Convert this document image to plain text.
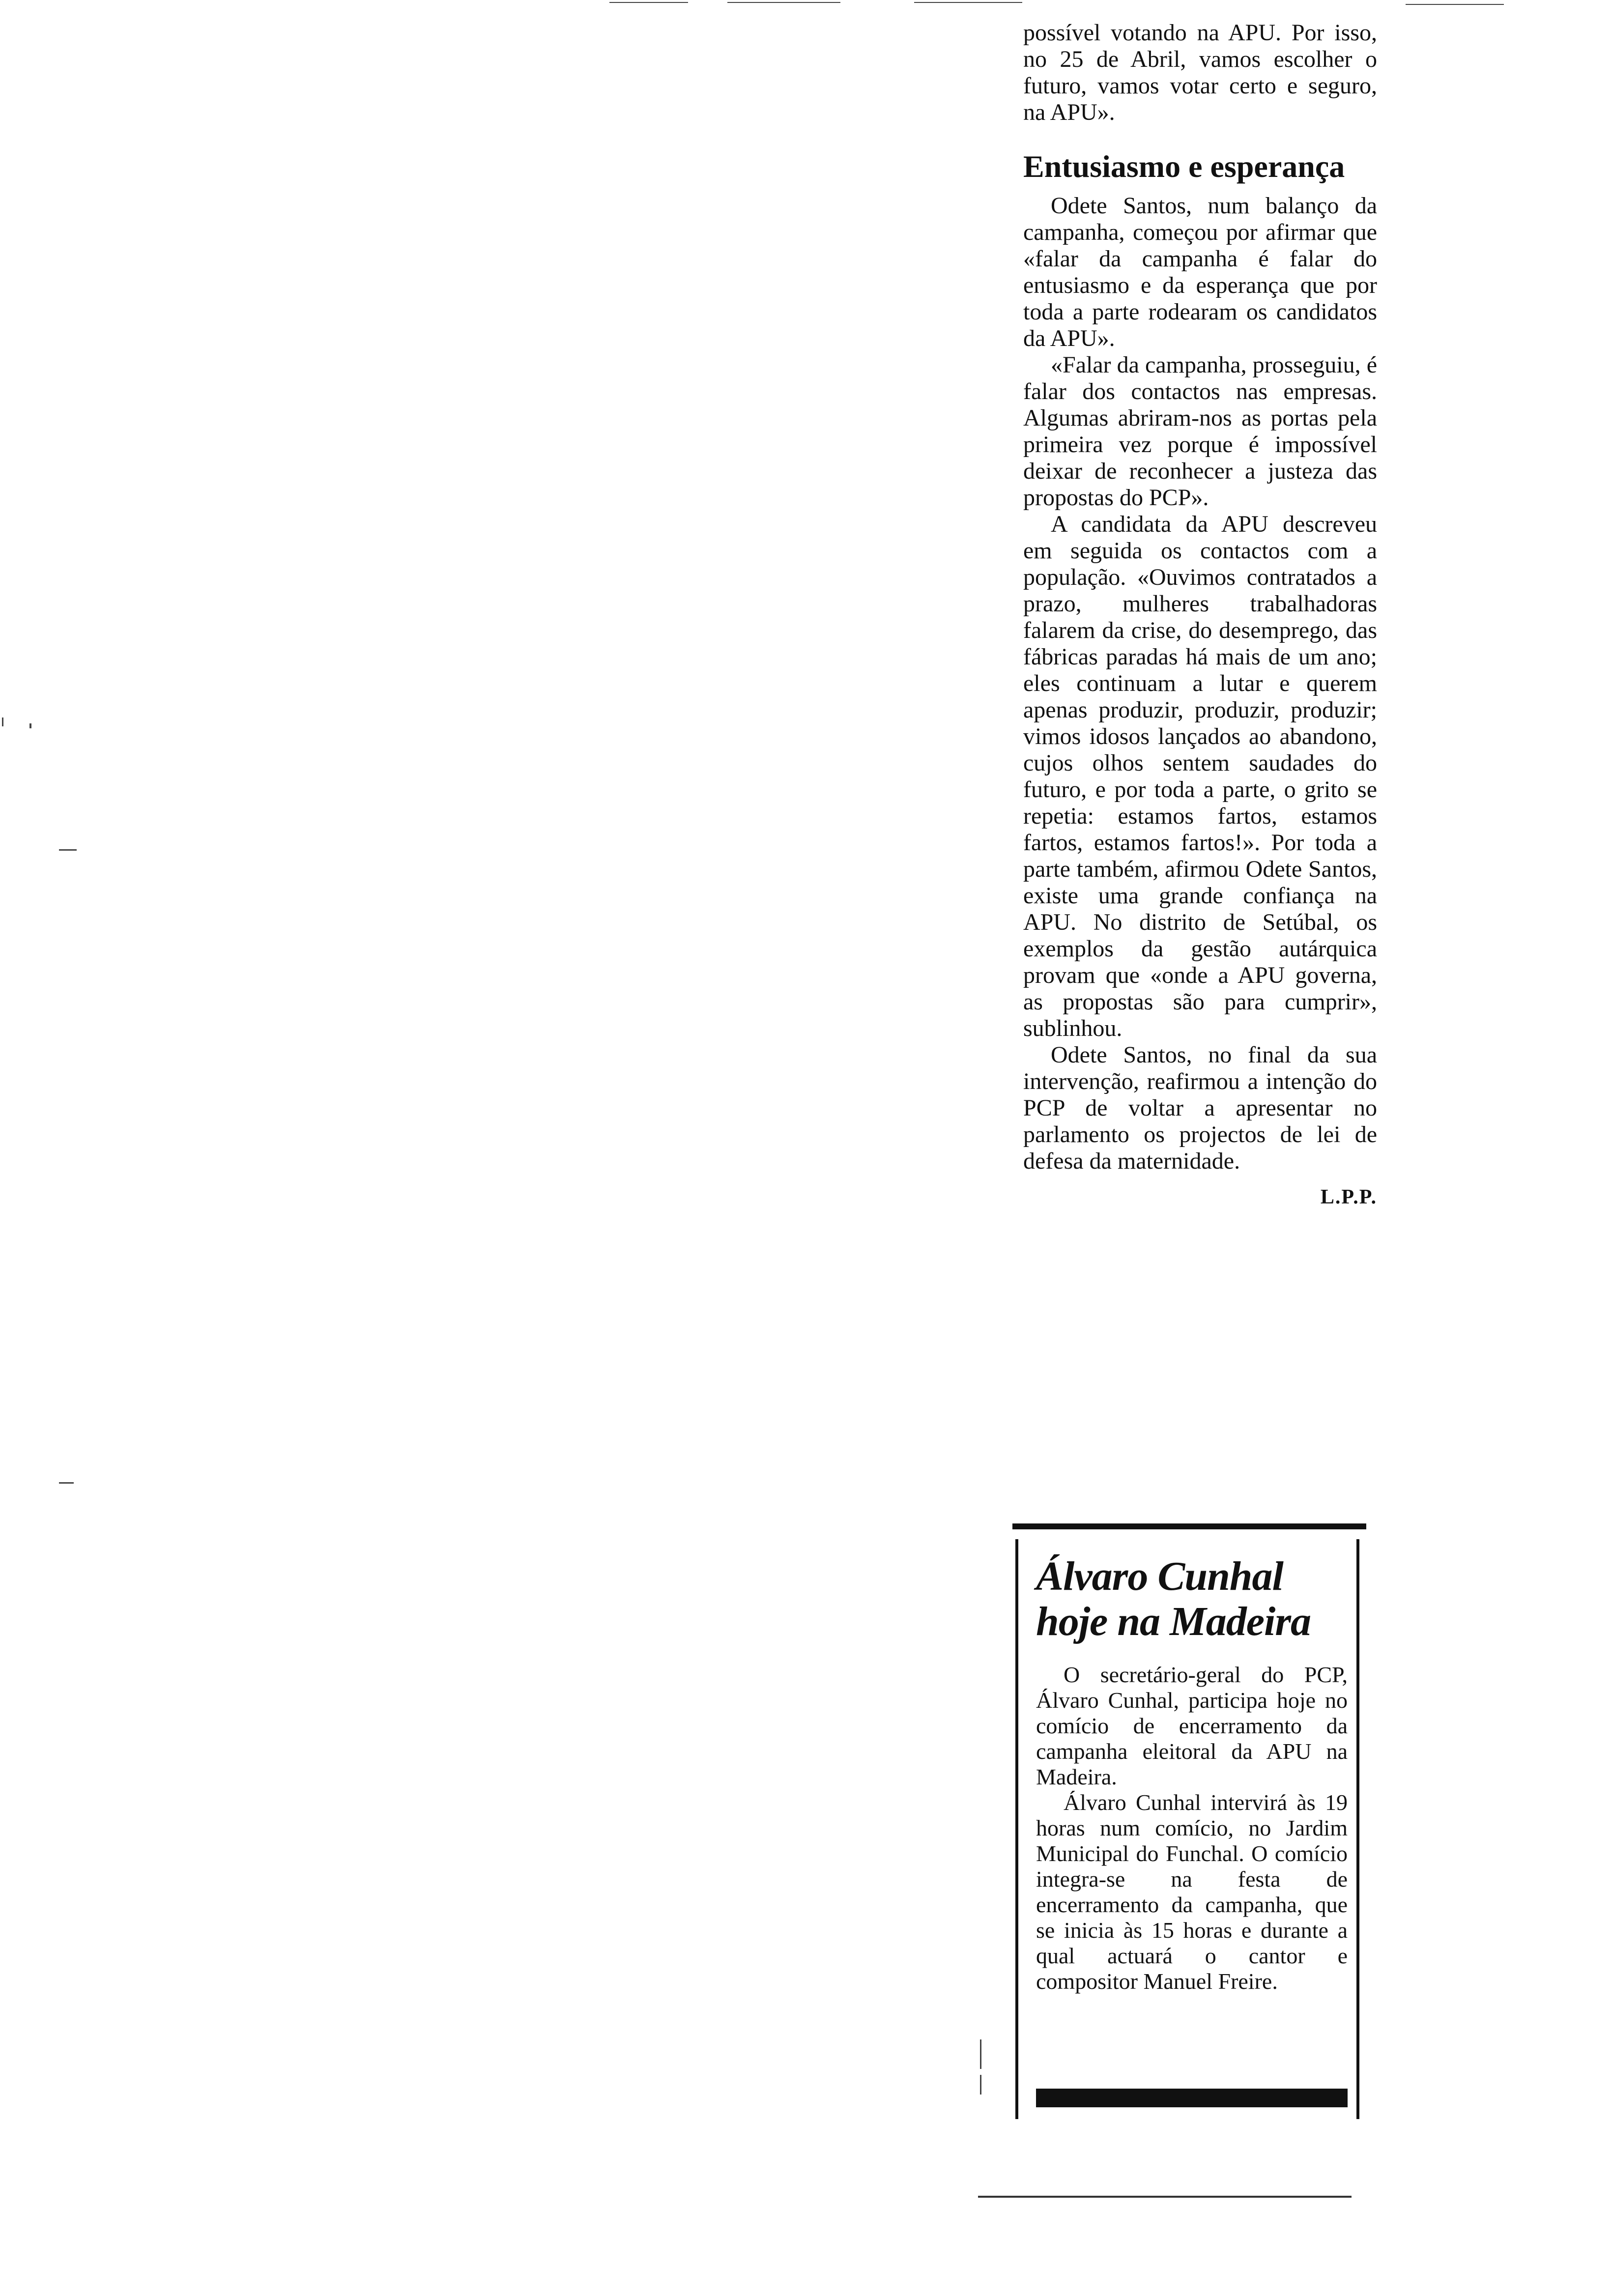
possível votando na APU. Por isso, no 25 de Abril, vamos escolher o futuro, vamos votar certo e seguro, na APU».

Entusiasmo e esperança

Odete Santos, num balanço da campanha, começou por afirmar que «falar da campanha é falar do entusiasmo e da esperança que por toda a parte rodearam os candidatos da APU».

«Falar da campanha, prosseguiu, é falar dos contactos nas empresas. Algumas abriram-nos as portas pela primeira vez porque é impossível deixar de reconhecer a justeza das propostas do PCP».

A candidata da APU descreveu em seguida os contactos com a população. «Ouvimos contratados a prazo, mulheres trabalhadoras falarem da crise, do desemprego, das fábricas paradas há mais de um ano; eles continuam a lutar e querem apenas produzir, produzir, produzir; vimos idosos lançados ao abandono, cujos olhos sentem saudades do futuro, e por toda a parte, o grito se repetia: estamos fartos, estamos fartos, estamos fartos!». Por toda a parte também, afirmou Odete Santos, existe uma grande confiança na APU. No distrito de Setúbal, os exemplos da gestão autárquica provam que «onde a APU governa, as propostas são para cumprir», sublinhou.

Odete Santos, no final da sua intervenção, reafirmou a intenção do PCP de voltar a apresentar no parlamento os projectos de lei de defesa da maternidade.

L.P.P.

Álvaro Cunhal hoje na Madeira

O secretário-geral do PCP, Álvaro Cunhal, participa hoje no comício de encerramento da campanha eleitoral da APU na Madeira.

Álvaro Cunhal intervirá às 19 horas num comício, no Jardim Municipal do Funchal. O comício integra-se na festa de encerramento da campanha, que se inicia às 15 horas e durante a qual actuará o cantor e compositor Manuel Freire.
